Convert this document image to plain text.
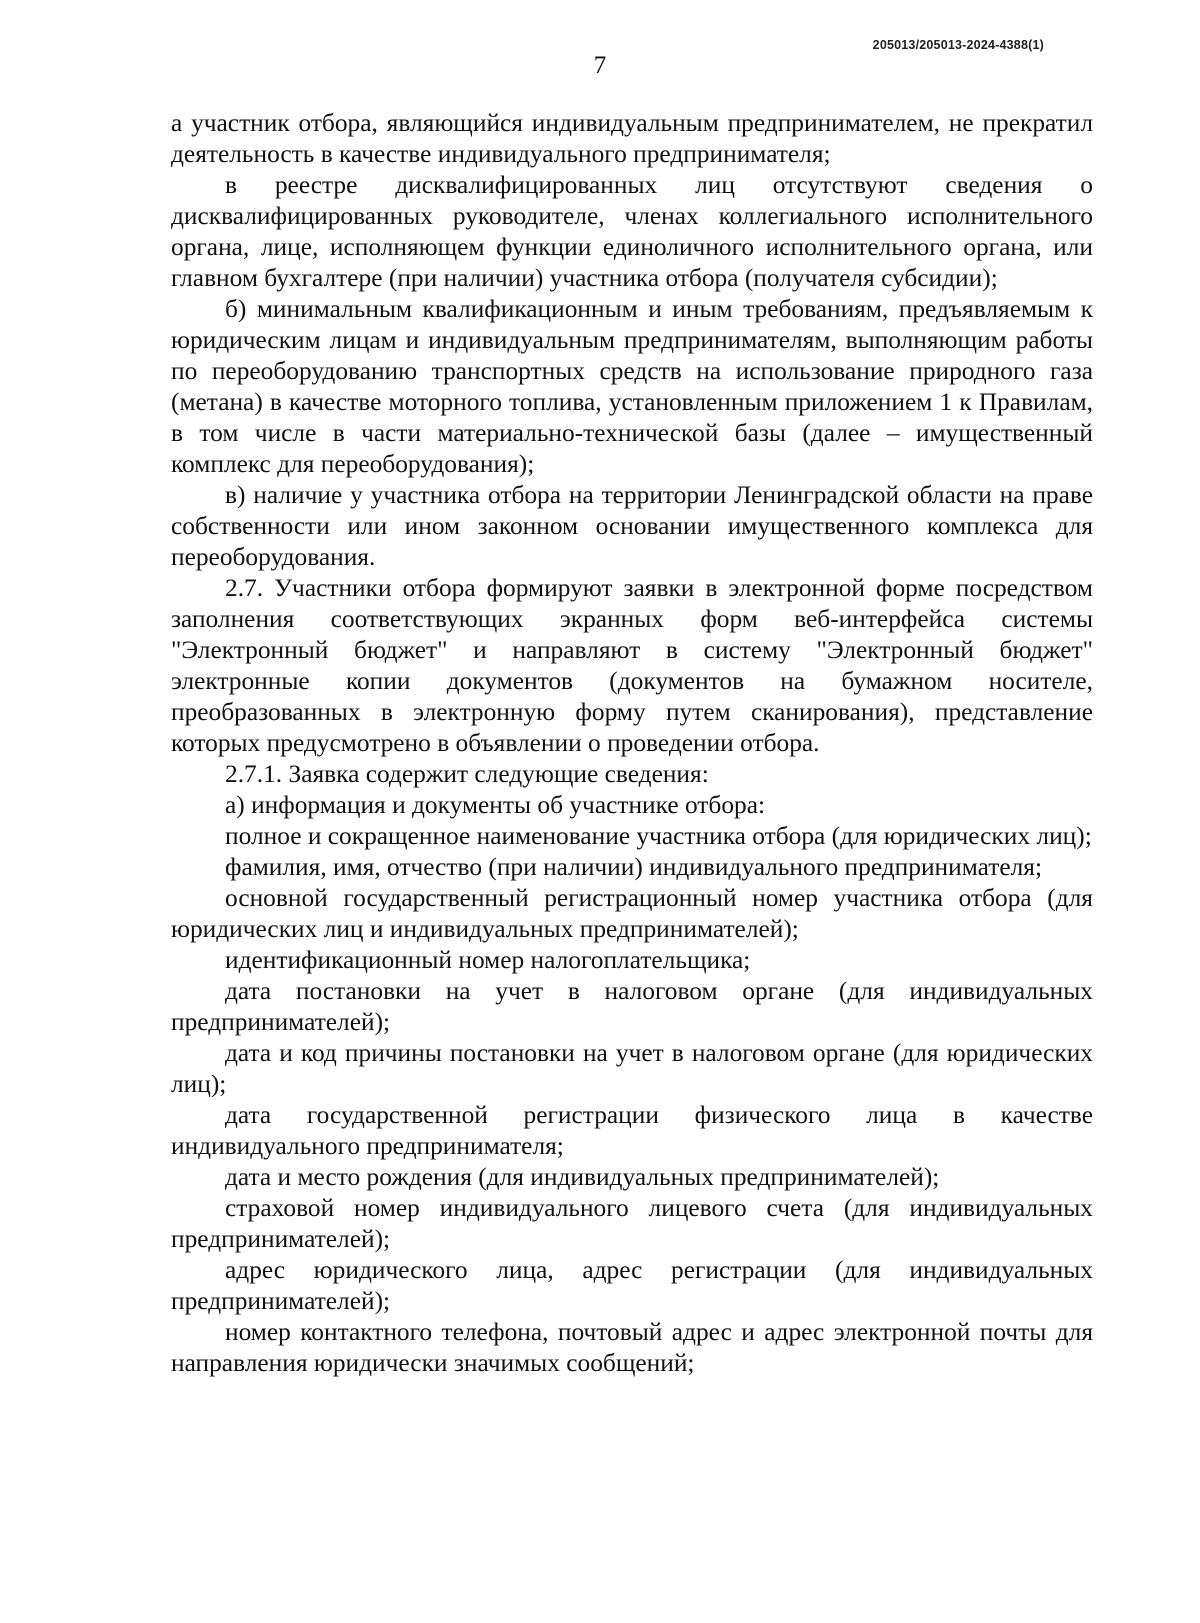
205013/205013-2024-4388(1)
7

а участник отбора, являющийся индивидуальным предпринимателем, не прекратил деятельность в качестве индивидуального предпринимателя;

в реестре дисквалифицированных лиц отсутствуют сведения о дисквалифицированных руководителе, членах коллегиального исполнительного органа, лице, исполняющем функции единоличного исполнительного органа, или главном бухгалтере (при наличии) участника отбора (получателя субсидии);

б) минимальным квалификационным и иным требованиям, предъявляемым к юридическим лицам и индивидуальным предпринимателям, выполняющим работы по переоборудованию транспортных средств на использование природного газа (метана) в качестве моторного топлива, установленным приложением 1 к Правилам, в том числе в части материально-технической базы (далее – имущественный комплекс для переоборудования);

в) наличие у участника отбора на территории Ленинградской области на праве собственности или ином законном основании имущественного комплекса для переоборудования.

2.7. Участники отбора формируют заявки в электронной форме посредством заполнения соответствующих экранных форм веб-интерфейса системы "Электронный бюджет" и направляют в систему "Электронный бюджет" электронные копии документов (документов на бумажном носителе, преобразованных в электронную форму путем сканирования), представление которых предусмотрено в объявлении о проведении отбора.

2.7.1. Заявка содержит следующие сведения:

а) информация и документы об участнике отбора:

полное и сокращенное наименование участника отбора (для юридических лиц);

фамилия, имя, отчество (при наличии) индивидуального предпринимателя;

основной государственный регистрационный номер участника отбора (для юридических лиц и индивидуальных предпринимателей);

идентификационный номер налогоплательщика;

дата постановки на учет в налоговом органе (для индивидуальных предпринимателей);

дата и код причины постановки на учет в налоговом органе (для юридических лиц);

дата государственной регистрации физического лица в качестве индивидуального предпринимателя;

дата и место рождения (для индивидуальных предпринимателей);

страховой номер индивидуального лицевого счета (для индивидуальных предпринимателей);

адрес юридического лица, адрес регистрации (для индивидуальных предпринимателей);

номер контактного телефона, почтовый адрес и адрес электронной почты для направления юридически значимых сообщений;
